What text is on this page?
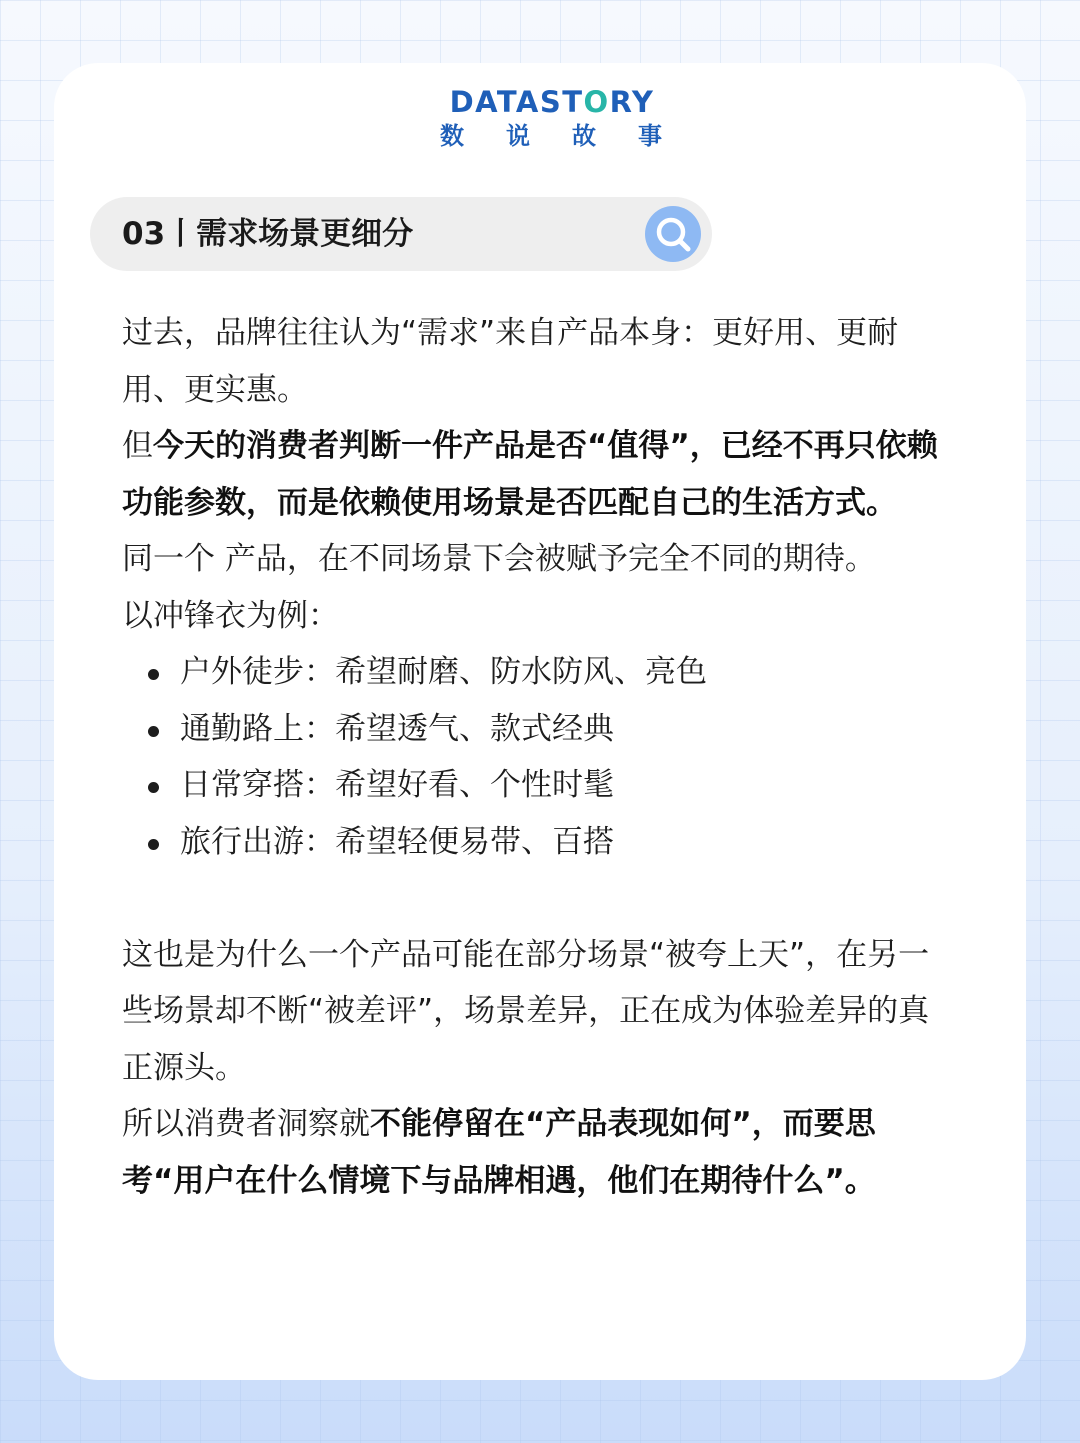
DATASTORY
数 说 故 事
03丨需求场景更细分

过去，品牌往往认为“需求”来自产品本身：更好用、更耐用、更实惠。

但今天的消费者判断一件产品是否“值得”，已经不再只依赖功能参数，而是依赖使用场景是否匹配自己的生活方式。

同一个 产品，在不同场景下会被赋予完全不同的期待。

以冲锋衣为例：

户外徒步：希望耐磨、防水防风、亮色
通勤路上：希望透气、款式经典
日常穿搭：希望好看、个性时髦
旅行出游：希望轻便易带、百搭

这也是为什么一个产品可能在部分场景“被夸上天”，在另一些场景却不断“被差评”，场景差异，正在成为体验差异的真正源头。

所以消费者洞察就不能停留在“产品表现如何”，而要思考“用户在什么情境下与品牌相遇，他们在期待什么”。
